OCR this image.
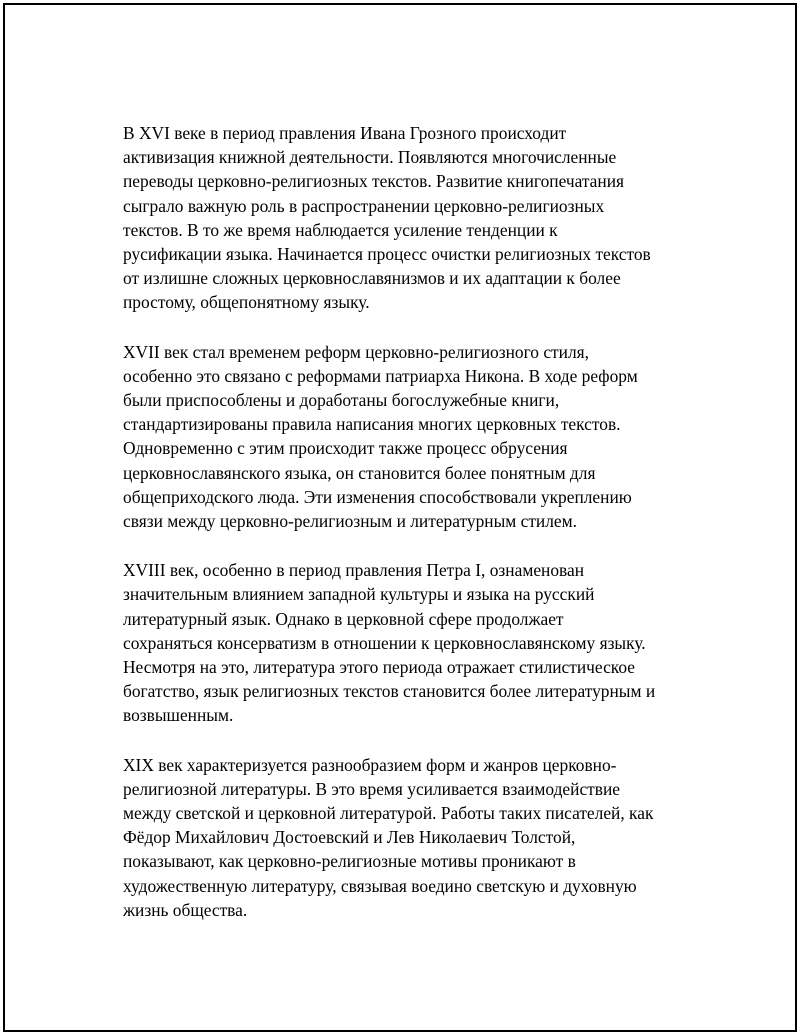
В XVI веке в период правления Ивана Грозного происходит
активизация книжной деятельности. Появляются многочисленные
переводы церковно-религиозных текстов. Развитие книгопечатания
сыграло важную роль в распространении церковно-религиозных
текстов. В то же время наблюдается усиление тенденции к
русификации языка. Начинается процесс очистки религиозных текстов
от излишне сложных церковнославянизмов и их адаптации к более
простому, общепонятному языку.

XVII век стал временем реформ церковно-религиозного стиля,
особенно это связано с реформами патриарха Никона. В ходе реформ
были приспособлены и доработаны богослужебные книги,
стандартизированы правила написания многих церковных текстов.
Одновременно с этим происходит также процесс обрусения
церковнославянского языка, он становится более понятным для
общеприходского люда. Эти изменения способствовали укреплению
связи между церковно-религиозным и литературным стилем.

XVIII век, особенно в период правления Петра I, ознаменован
значительным влиянием западной культуры и языка на русский
литературный язык. Однако в церковной сфере продолжает
сохраняться консерватизм в отношении к церковнославянскому языку.
Несмотря на это, литература этого периода отражает стилистическое
богатство, язык религиозных текстов становится более литературным и
возвышенным.

XIX век характеризуется разнообразием форм и жанров церковно-
религиозной литературы. В это время усиливается взаимодействие
между светской и церковной литературой. Работы таких писателей, как
Фёдор Михайлович Достоевский и Лев Николаевич Толстой,
показывают, как церковно-религиозные мотивы проникают в
художественную литературу, связывая воедино светскую и духовную
жизнь общества.
